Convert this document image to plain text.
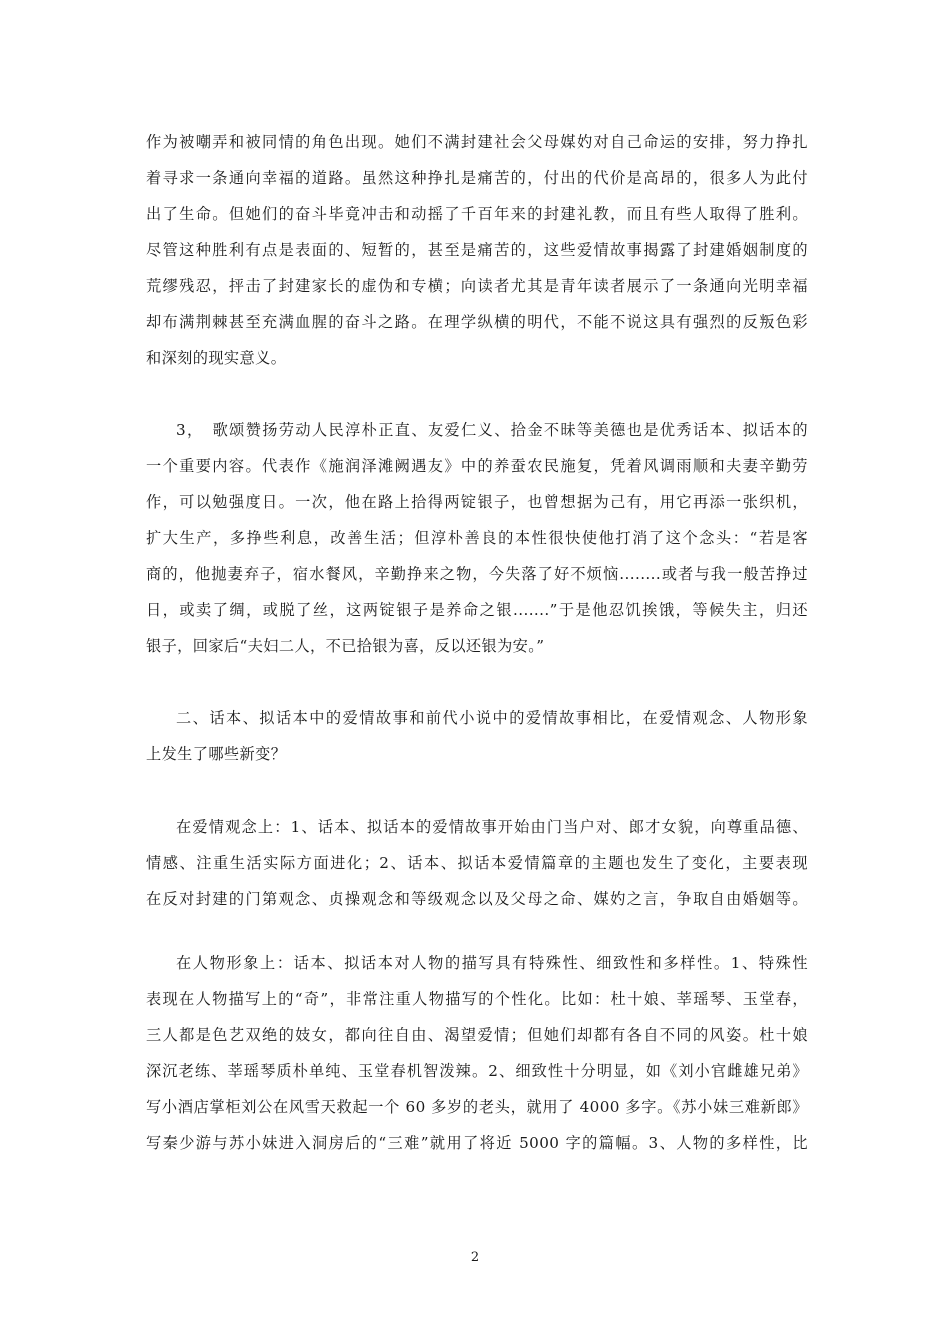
作为被嘲弄和被同情的角色出现。她们不满封建社会父母媒妁对自己命运的安排，努力挣扎
着寻求一条通向幸福的道路。虽然这种挣扎是痛苦的，付出的代价是高昂的，很多人为此付
出了生命。但她们的奋斗毕竟冲击和动摇了千百年来的封建礼教，而且有些人取得了胜利。
尽管这种胜利有点是表面的、短暂的，甚至是痛苦的，这些爱情故事揭露了封建婚姻制度的
荒缪残忍，抨击了封建家长的虚伪和专横；向读者尤其是青年读者展示了一条通向光明幸福
却布满荆棘甚至充满血腥的奋斗之路。在理学纵横的明代，不能不说这具有强烈的反叛色彩
和深刻的现实意义。
3，　歌颂赞扬劳动人民淳朴正直、友爱仁义、拾金不昧等美德也是优秀话本、拟话本的
一个重要内容。代表作《施润泽滩阙遇友》中的养蚕农民施复，凭着风调雨顺和夫妻辛勤劳
作，可以勉强度日。一次，他在路上拾得两锭银子，也曾想据为己有，用它再添一张织机，
扩大生产，多挣些利息，改善生活；但淳朴善良的本性很快使他打消了这个念头：“若是客
商的，他抛妻弃子，宿水餐风，辛勤挣来之物，今失落了好不烦恼........或者与我一般苦挣过
日，或卖了绸，或脱了丝，这两锭银子是养命之银.......”于是他忍饥挨饿，等候失主，归还
银子，回家后“夫妇二人，不已拾银为喜，反以还银为安。”
二、话本、拟话本中的爱情故事和前代小说中的爱情故事相比，在爱情观念、人物形象
上发生了哪些新变？
在爱情观念上：1、话本、拟话本的爱情故事开始由门当户对、郎才女貌，向尊重品德、
情感、注重生活实际方面进化；2、话本、拟话本爱情篇章的主题也发生了变化，主要表现
在反对封建的门第观念、贞操观念和等级观念以及父母之命、媒妁之言，争取自由婚姻等。
在人物形象上：话本、拟话本对人物的描写具有特殊性、细致性和多样性。1、特殊性
表现在人物描写上的“奇”，非常注重人物描写的个性化。比如：杜十娘、莘瑶琴、玉堂春，
三人都是色艺双绝的妓女，都向往自由、渴望爱情；但她们却都有各自不同的风姿。杜十娘
深沉老练、莘瑶琴质朴单纯、玉堂春机智泼辣。2、细致性十分明显，如《刘小官雌雄兄弟》
写小酒店掌柜刘公在风雪天救起一个 60 多岁的老头，就用了 4000 多字。《苏小妹三难新郎》
写秦少游与苏小妹进入洞房后的“三难”就用了将近 5000 字的篇幅。3、人物的多样性，比
2
